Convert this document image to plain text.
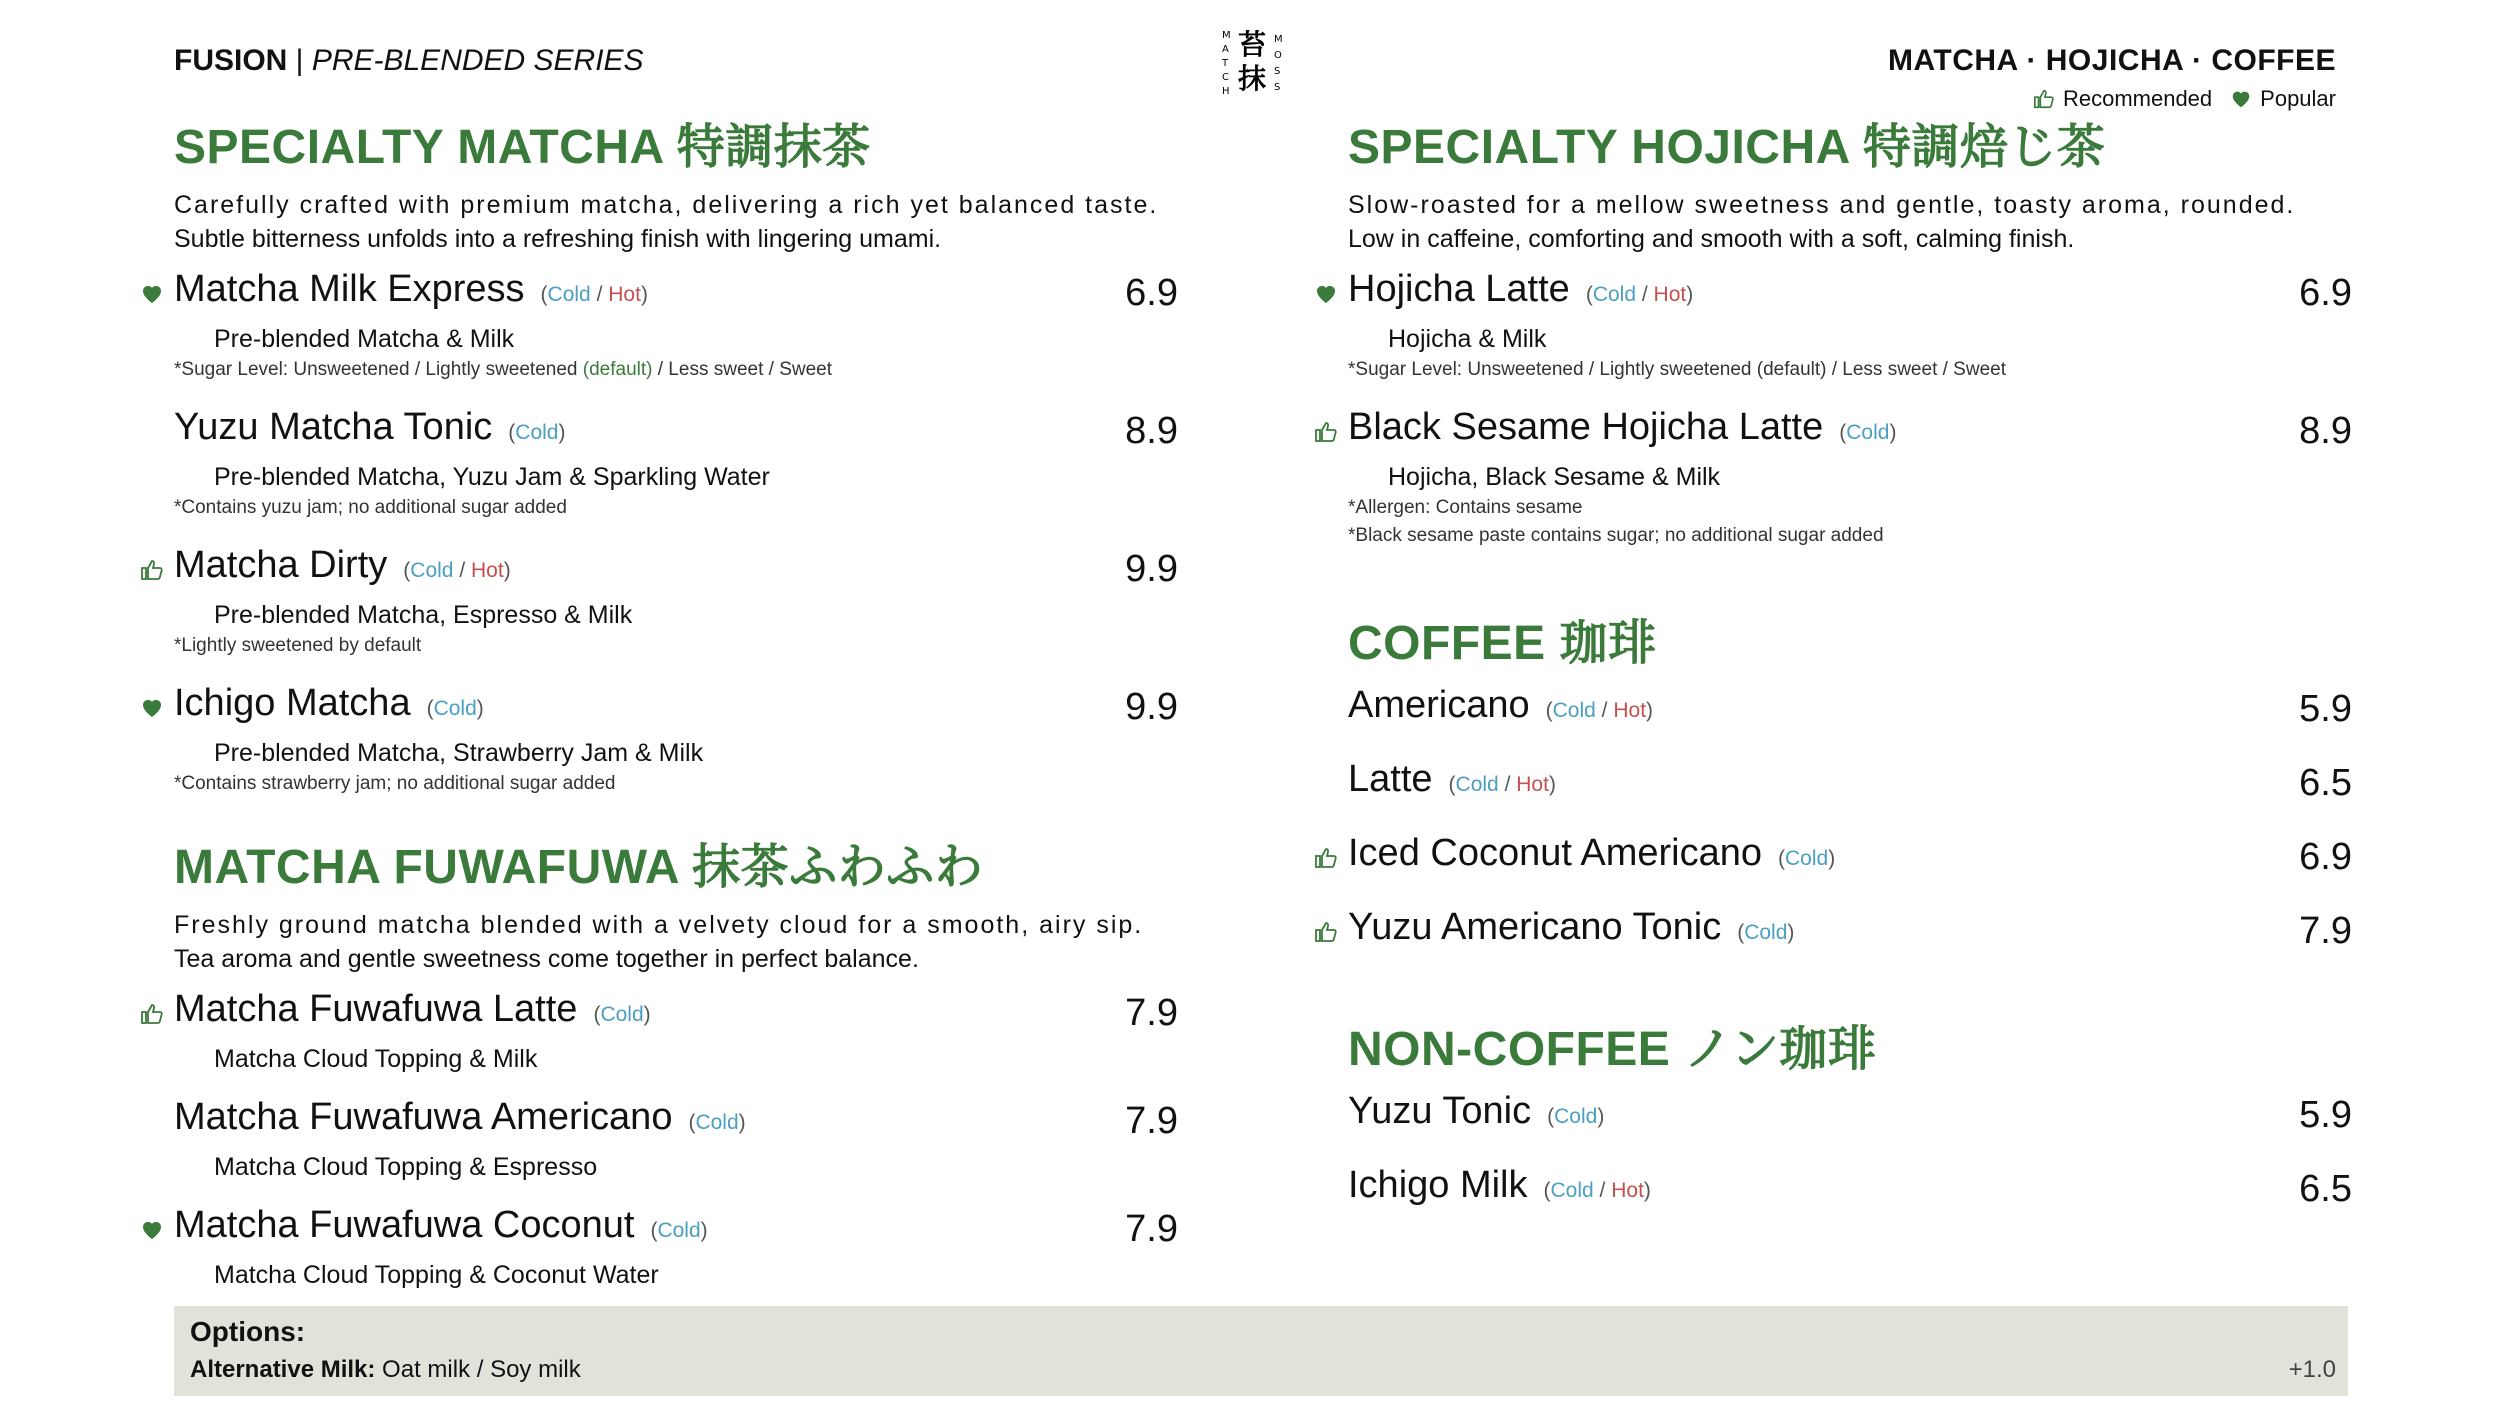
FUSION | PRE-BLENDED SERIES
M
A
T
C
H
苔
抹
M
O
S
S
MATCHA · HOJICHA · COFFEE
Recommended Popular
SPECIALTY MATCHA 特調抹茶
Carefully crafted with premium matcha, delivering a rich yet balanced taste.
Subtle bitterness unfolds into a refreshing finish with lingering umami.
Matcha Milk Express (Cold / Hot)	6.9
Pre-blended Matcha & Milk
*Sugar Level: Unsweetened / Lightly sweetened (default) / Less sweet / Sweet
Yuzu Matcha Tonic (Cold)	8.9
Pre-blended Matcha, Yuzu Jam & Sparkling Water
*Contains yuzu jam; no additional sugar added
Matcha Dirty (Cold / Hot)	9.9
Pre-blended Matcha, Espresso & Milk
*Lightly sweetened by default
Ichigo Matcha (Cold)	9.9
Pre-blended Matcha, Strawberry Jam & Milk
*Contains strawberry jam; no additional sugar added
MATCHA FUWAFUWA 抹茶ふわふわ
Freshly ground matcha blended with a velvety cloud for a smooth, airy sip.
Tea aroma and gentle sweetness come together in perfect balance.
Matcha Fuwafuwa Latte (Cold)	7.9
Matcha Cloud Topping & Milk
Matcha Fuwafuwa Americano (Cold)	7.9
Matcha Cloud Topping & Espresso
Matcha Fuwafuwa Coconut (Cold)	7.9
Matcha Cloud Topping & Coconut Water
SPECIALTY HOJICHA 特調焙じ茶
Slow-roasted for a mellow sweetness and gentle, toasty aroma, rounded.
Low in caffeine, comforting and smooth with a soft, calming finish.
Hojicha Latte (Cold / Hot)	6.9
Hojicha & Milk
*Sugar Level: Unsweetened / Lightly sweetened (default) / Less sweet / Sweet
Black Sesame Hojicha Latte (Cold)	8.9
Hojicha, Black Sesame & Milk
*Allergen: Contains sesame
*Black sesame paste contains sugar; no additional sugar added
COFFEE 珈琲
Americano (Cold / Hot)	5.9
Latte (Cold / Hot)	6.5
Iced Coconut Americano (Cold)	6.9
Yuzu Americano Tonic (Cold)	7.9
NON-COFFEE ノン珈琲
Yuzu Tonic (Cold)	5.9
Ichigo Milk (Cold / Hot)	6.5
Options:
Alternative Milk: Oat milk / Soy milk	+1.0
